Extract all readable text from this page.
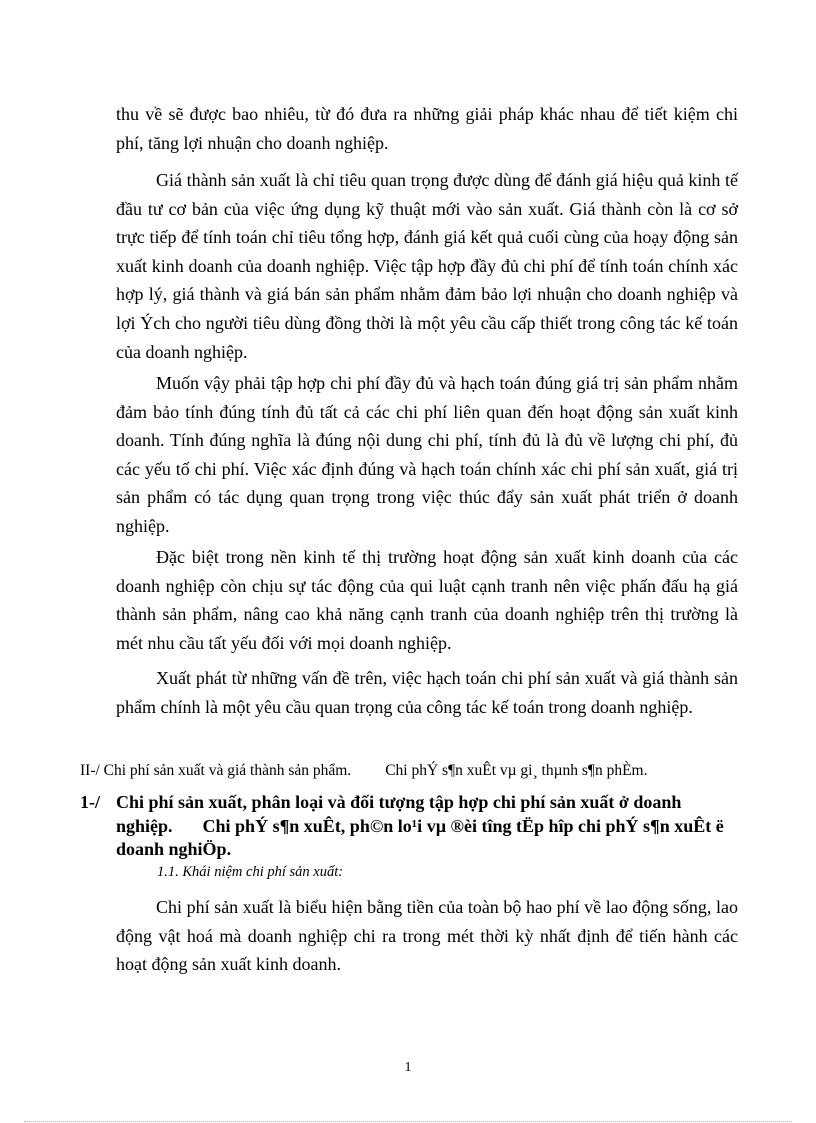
thu về sẽ được bao nhiêu, từ đó đưa ra những giải pháp khác nhau để tiết kiệm chi phí, tăng lợi nhuận cho doanh nghiệp.

Giá thành sản xuất là chỉ tiêu quan trọng được dùng để đánh giá hiệu quả kinh tế đầu tư cơ bản của việc ứng dụng kỹ thuật mới vào sản xuất. Giá thành còn là cơ sở trực tiếp để tính toán chỉ tiêu tổng hợp, đánh giá kết quả cuối cùng của hoạy động sản xuất kinh doanh của doanh nghiệp. Việc tập hợp đầy đủ chi phí để tính toán chính xác hợp lý, giá thành và giá bán sản phẩm nhằm đảm bảo lợi nhuận cho doanh nghiệp và lợi Ých cho người tiêu dùng đồng thời là một yêu cầu cấp thiết trong công tác kế toán của doanh nghiệp.

Muốn vậy phải tập hợp chi phí đầy đủ và hạch toán đúng giá trị sản phẩm nhằm đảm bảo tính đúng tính đủ tất cả các chi phí liên quan đến hoạt động sản xuất kinh doanh. Tính đúng nghĩa là đúng nội dung chi phí, tính đủ là đủ về lượng chi phí, đủ các yếu tố chi phí. Việc xác định đúng và hạch toán chính xác chi phí sản xuất, giá trị sản phẩm có tác dụng quan trọng trong việc thúc đẩy sản xuất phát triển ở doanh nghiệp.

Đặc biệt trong nền kinh tế thị trường hoạt động sản xuất kinh doanh của các doanh nghiệp còn chịu sự tác động của qui luật cạnh tranh nên việc phấn đấu hạ giá thành sản phẩm, nâng cao khả năng cạnh tranh của doanh nghiệp trên thị trường là mét nhu cầu tất yếu đối với mọi doanh nghiệp.

Xuất phát từ những vấn đề trên, việc hạch toán chi phí sản xuất và giá thành sản phẩm chính là một yêu cầu quan trọng của công tác kế toán trong doanh nghiệp.

II-/ Chi phí sản xuất và giá thành sản phẩm. Chi phÝ s¶n xuÊt vµ gi¸ thµnh s¶n phÈm.

1-/ Chi phí sản xuất, phân loại và đối tượng tập hợp chi phí sản xuất ở doanh nghiệp. Chi phÝ s¶n xuÊt, ph©n lo¹i vµ ®èi tîng tËp hîp chi phÝ s¶n xuÊt ë doanh nghiÖp.

1.1. Khái niệm chi phí sản xuất:

Chi phí sản xuất là biểu hiện bằng tiền của toàn bộ hao phí về lao động sống, lao động vật hoá mà doanh nghiệp chi ra trong mét thời kỳ nhất định để tiến hành các hoạt động sản xuất kinh doanh.

1
